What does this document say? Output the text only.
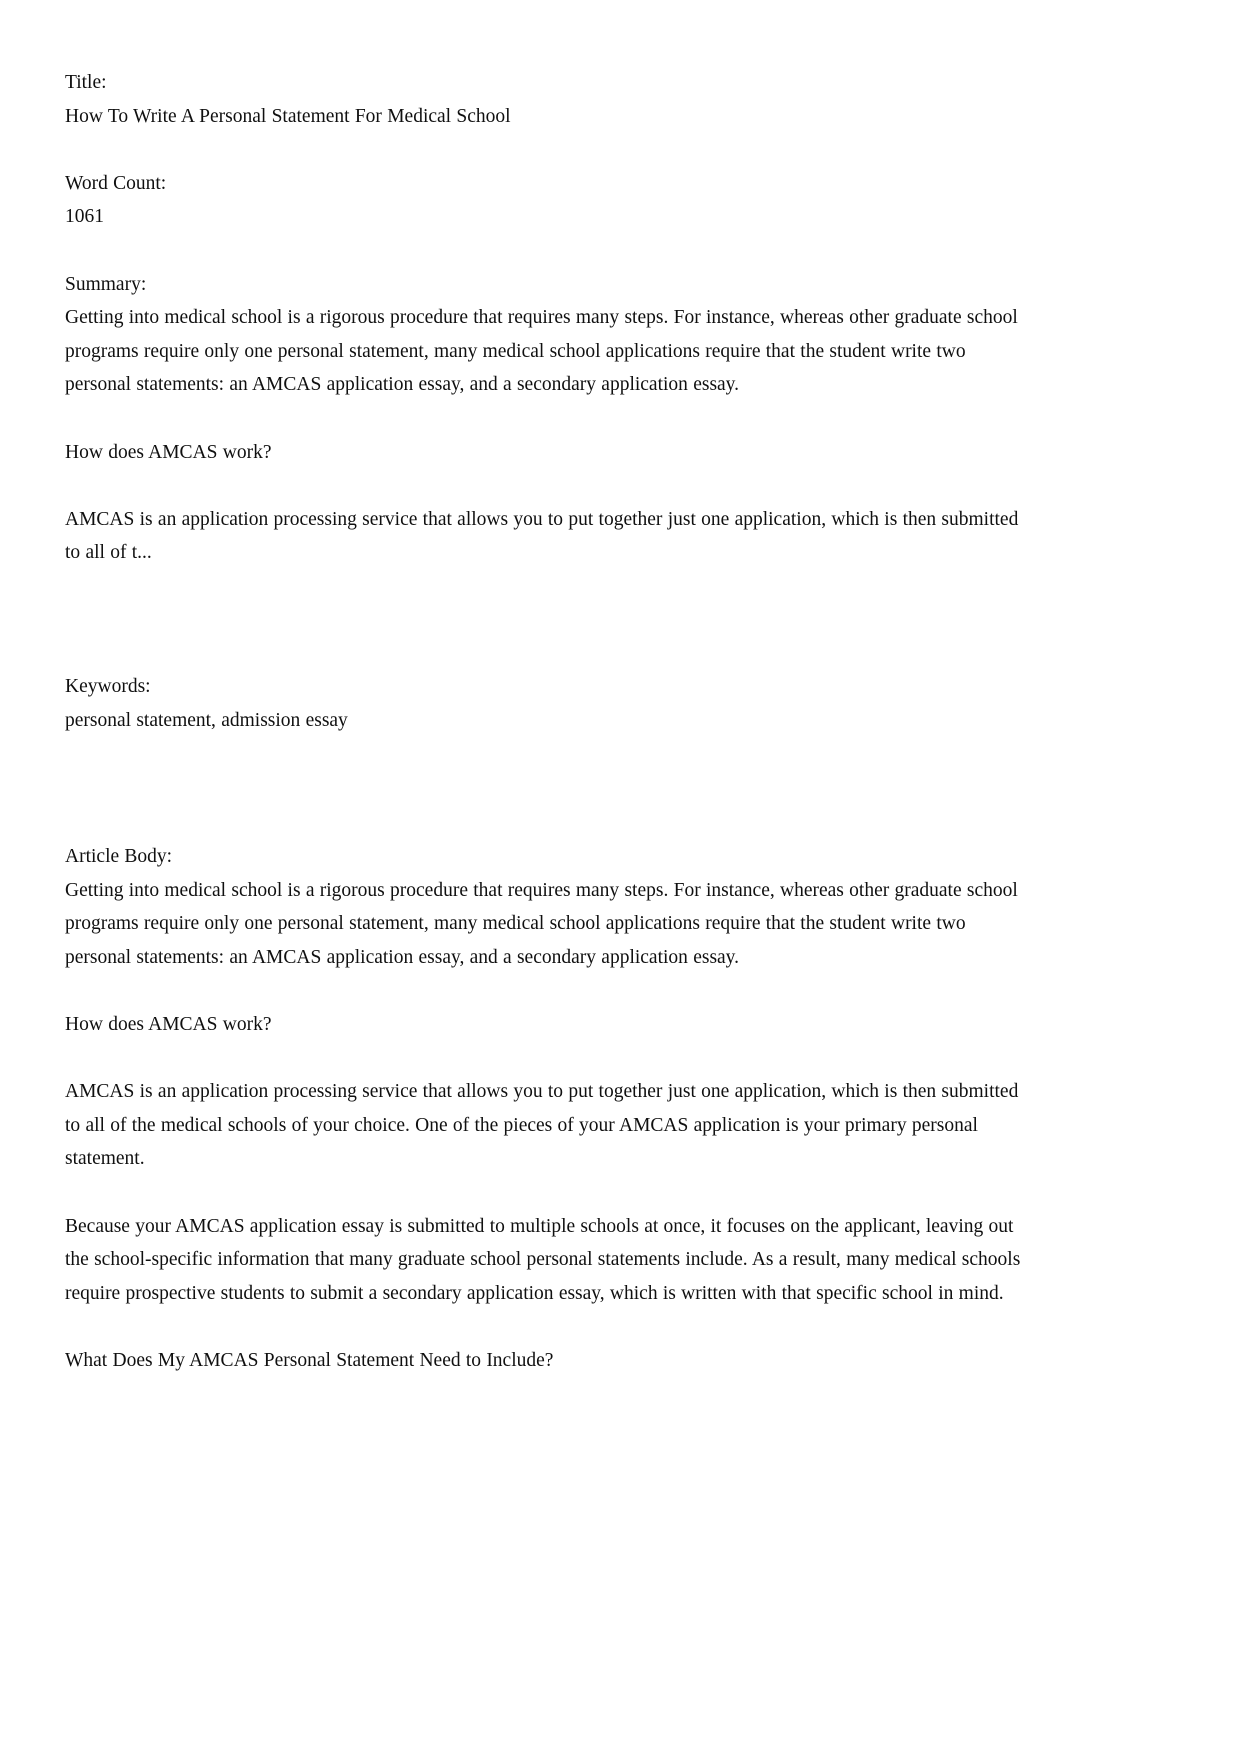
Title:
How To Write A Personal Statement For Medical School
Word Count:
1061
Summary:
Getting into medical school is a rigorous procedure that requires many steps. For instance, whereas other graduate school programs require only one personal statement, many medical school applications require that the student write two personal statements: an AMCAS application essay, and a secondary application essay.
How does AMCAS work?
AMCAS is an application processing service that allows you to put together just one application, which is then submitted to all of t...
Keywords:
personal statement, admission essay
Article Body:
Getting into medical school is a rigorous procedure that requires many steps. For instance, whereas other graduate school programs require only one personal statement, many medical school applications require that the student write two personal statements: an AMCAS application essay, and a secondary application essay.
How does AMCAS work?
AMCAS is an application processing service that allows you to put together just one application, which is then submitted to all of the medical schools of your choice. One of the pieces of your AMCAS application is your primary personal statement.
Because your AMCAS application essay is submitted to multiple schools at once, it focuses on the applicant, leaving out the school-specific information that many graduate school personal statements include. As a result, many medical schools require prospective students to submit a secondary application essay, which is written with that specific school in mind.
What Does My AMCAS Personal Statement Need to Include?
